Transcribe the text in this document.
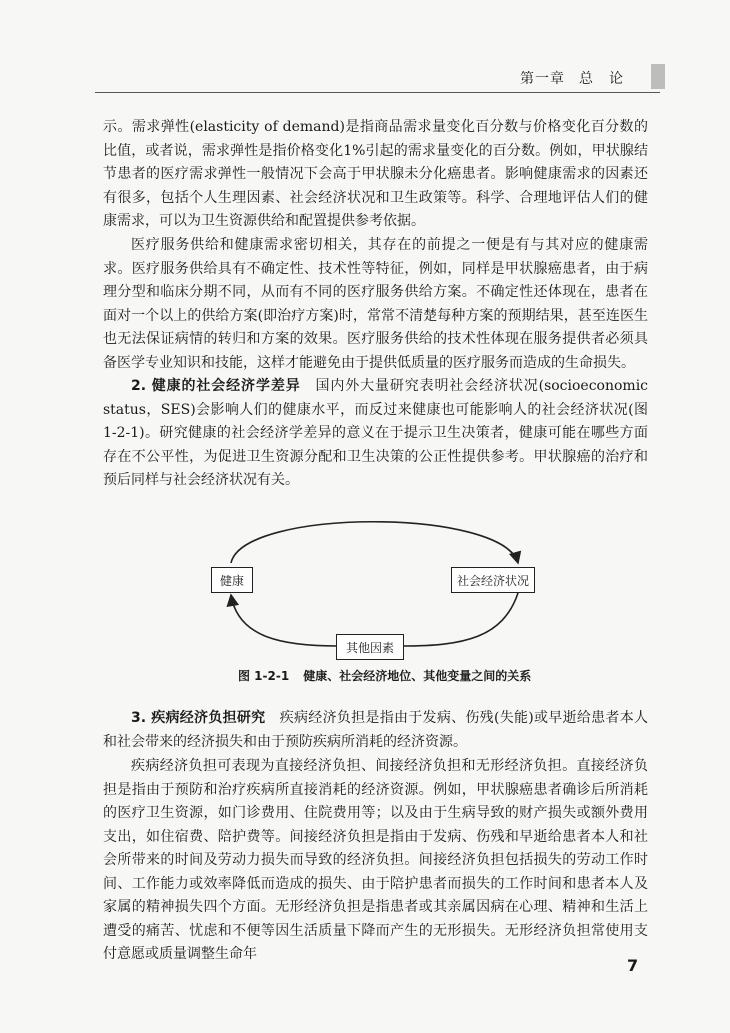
第一章 总　论

示。需求弹性(elasticity of demand)是指商品需求量变化百分数与价格变化百分数的比值，或者说，需求弹性是指价格变化1%引起的需求量变化的百分数。例如，甲状腺结节患者的医疗需求弹性一般情况下会高于甲状腺未分化癌患者。影响健康需求的因素还有很多，包括个人生理因素、社会经济状况和卫生政策等。科学、合理地评估人们的健康需求，可以为卫生资源供给和配置提供参考依据。

医疗服务供给和健康需求密切相关，其存在的前提之一便是有与其对应的健康需求。医疗服务供给具有不确定性、技术性等特征，例如，同样是甲状腺癌患者，由于病理分型和临床分期不同，从而有不同的医疗服务供给方案。不确定性还体现在，患者在面对一个以上的供给方案(即治疗方案)时，常常不清楚每种方案的预期结果，甚至连医生也无法保证病情的转归和方案的效果。医疗服务供给的技术性体现在服务提供者必须具备医学专业知识和技能，这样才能避免由于提供低质量的医疗服务而造成的生命损失。

2. 健康的社会经济学差异　 国内外大量研究表明社会经济状况(socioeconomic status，SES)会影响人们的健康水平，而反过来健康也可能影响人的社会经济状况(图 1-2-1)。研究健康的社会经济学差异的意义在于提示卫生决策者，健康可能在哪些方面存在不公平性，为促进卫生资源分配和卫生决策的公正性提供参考。甲状腺癌的治疗和预后同样与社会经济状况有关。

健康	社会经济状况
其他因素
图 1-2-1 健康、社会经济地位、其他变量之间的关系

3. 疾病经济负担研究　 疾病经济负担是指由于发病、伤残(失能)或早逝给患者本人和社会带来的经济损失和由于预防疾病所消耗的经济资源。

疾病经济负担可表现为直接经济负担、间接经济负担和无形经济负担。直接经济负担是指由于预防和治疗疾病所直接消耗的经济资源。例如，甲状腺癌患者确诊后所消耗的医疗卫生资源，如门诊费用、住院费用等；以及由于生病导致的财产损失或额外费用支出，如住宿费、陪护费等。间接经济负担是指由于发病、伤残和早逝给患者本人和社会所带来的时间及劳动力损失而导致的经济负担。间接经济负担包括损失的劳动工作时间、工作能力或效率降低而造成的损失、由于陪护患者而损失的工作时间和患者本人及家属的精神损失四个方面。无形经济负担是指患者或其亲属因病在心理、精神和生活上遭受的痛苦、忧虑和不便等因生活质量下降而产生的无形损失。无形经济负担常使用支付意愿或质量调整生命年

7
